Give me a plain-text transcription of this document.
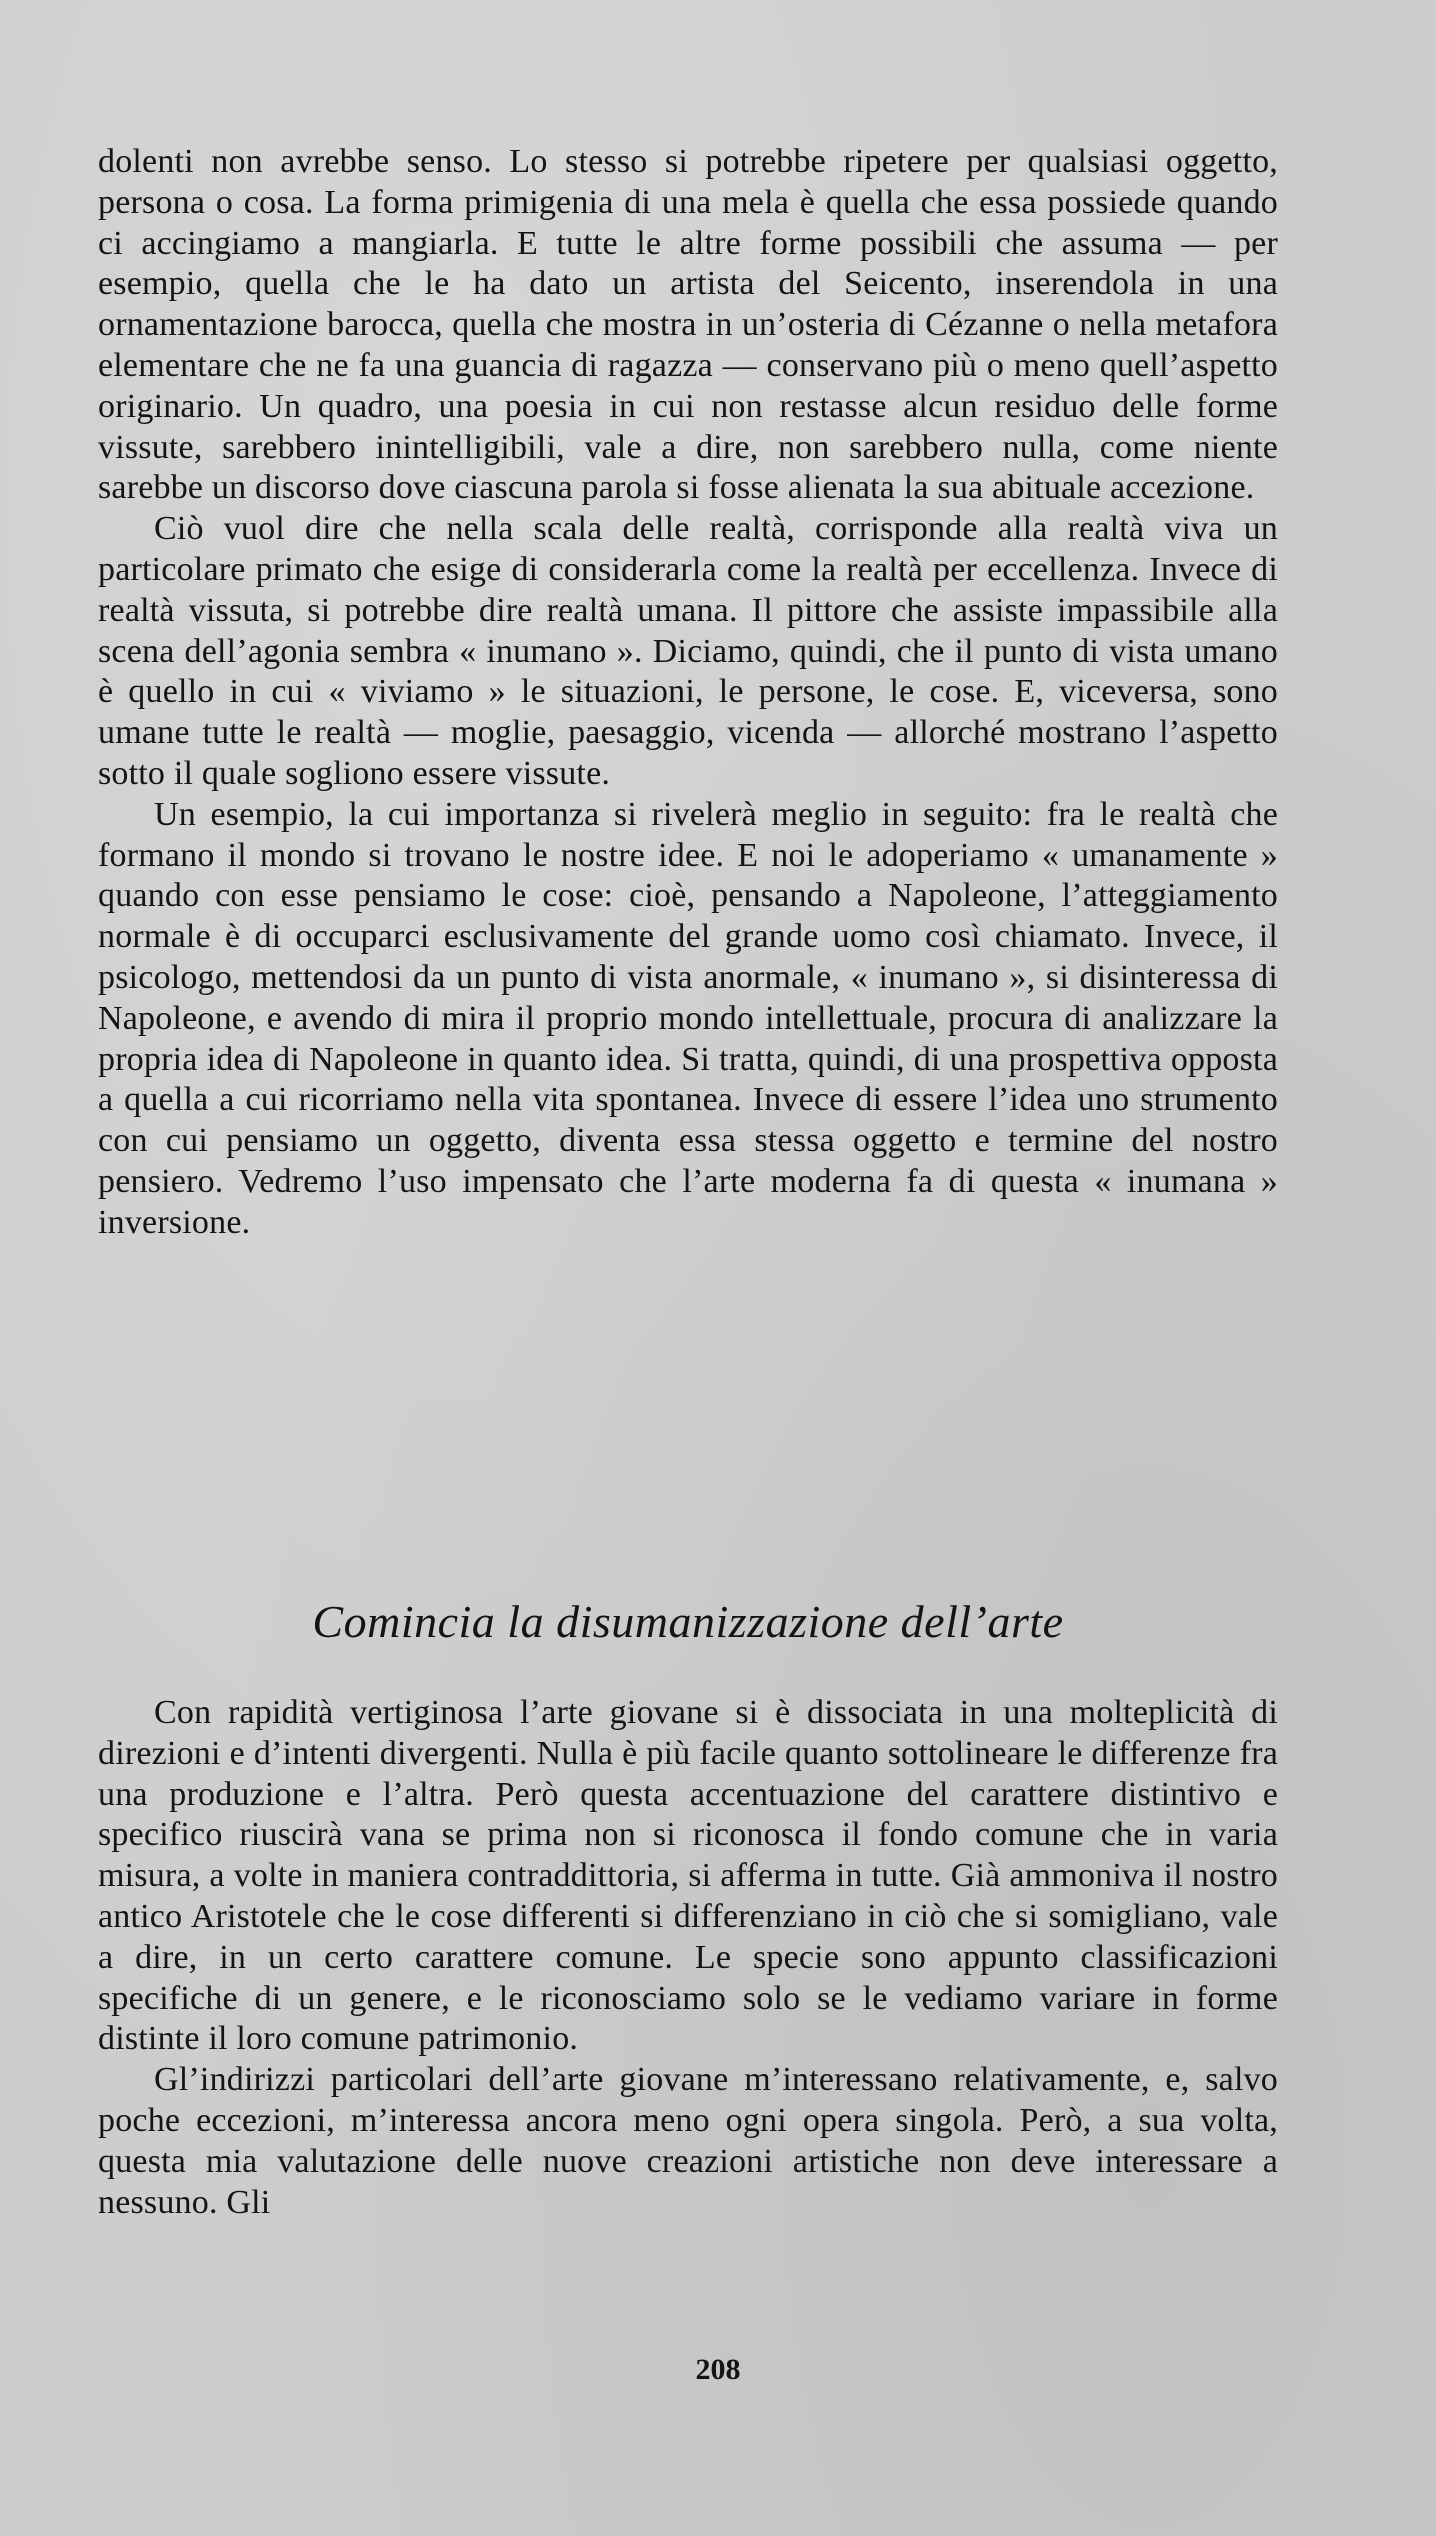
dolenti non avrebbe senso. Lo stesso si potrebbe ripetere per qualsiasi oggetto, persona o cosa. La forma primigenia di una mela è quella che essa possiede quando ci accingiamo a mangiarla. E tutte le altre forme possibili che assuma — per esempio, quella che le ha dato un artista del Seicento, inserendola in una ornamentazione barocca, quella che mostra in un’osteria di Cézanne o nella metafora elementare che ne fa una guancia di ragazza — conservano più o meno quell’aspetto originario. Un quadro, una poesia in cui non restasse alcun residuo delle forme vissute, sarebbero inintelligibili, vale a dire, non sarebbero nulla, come niente sarebbe un discorso dove ciascuna parola si fosse alienata la sua abituale accezione.

Ciò vuol dire che nella scala delle realtà, corrisponde alla realtà viva un particolare primato che esige di considerarla come la realtà per eccellenza. Invece di realtà vissuta, si potrebbe dire realtà umana. Il pittore che assiste impassibile alla scena dell’agonia sembra « inumano ». Diciamo, quindi, che il punto di vista umano è quello in cui « viviamo » le situazioni, le persone, le cose. E, viceversa, sono umane tutte le realtà — moglie, paesaggio, vicenda — allorché mostrano l’aspetto sotto il quale sogliono essere vissute.

Un esempio, la cui importanza si rivelerà meglio in seguito: fra le realtà che formano il mondo si trovano le nostre idee. E noi le adoperiamo « umanamente » quando con esse pensiamo le cose: cioè, pensando a Napoleone, l’atteggiamento normale è di occuparci esclusivamente del grande uomo così chiamato. Invece, il psicologo, mettendosi da un punto di vista anormale, « inumano », si disinteressa di Napoleone, e avendo di mira il proprio mondo intellettuale, procura di analizzare la propria idea di Napoleone in quanto idea. Si tratta, quindi, di una prospettiva opposta a quella a cui ricorriamo nella vita spontanea. Invece di essere l’idea uno strumento con cui pensiamo un oggetto, diventa essa stessa oggetto e termine del nostro pensiero. Vedremo l’uso impensato che l’arte moderna fa di questa « inumana » inversione.

Comincia la disumanizzazione dell’arte

Con rapidità vertiginosa l’arte giovane si è dissociata in una molteplicità di direzioni e d’intenti divergenti. Nulla è più facile quanto sottolineare le differenze fra una produzione e l’altra. Però questa accentuazione del carattere distintivo e specifico riuscirà vana se prima non si riconosca il fondo comune che in varia misura, a volte in maniera contraddittoria, si afferma in tutte. Già ammoniva il nostro antico Aristotele che le cose differenti si differenziano in ciò che si somigliano, vale a dire, in un certo carattere comune. Le specie sono appunto classificazioni specifiche di un genere, e le riconosciamo solo se le vediamo variare in forme distinte il loro comune patrimonio.

Gl’indirizzi particolari dell’arte giovane m’interessano relativamente, e, salvo poche eccezioni, m’interessa ancora meno ogni opera singola. Però, a sua volta, questa mia valutazione delle nuove creazioni artistiche non deve interessare a nessuno. Gli

208
